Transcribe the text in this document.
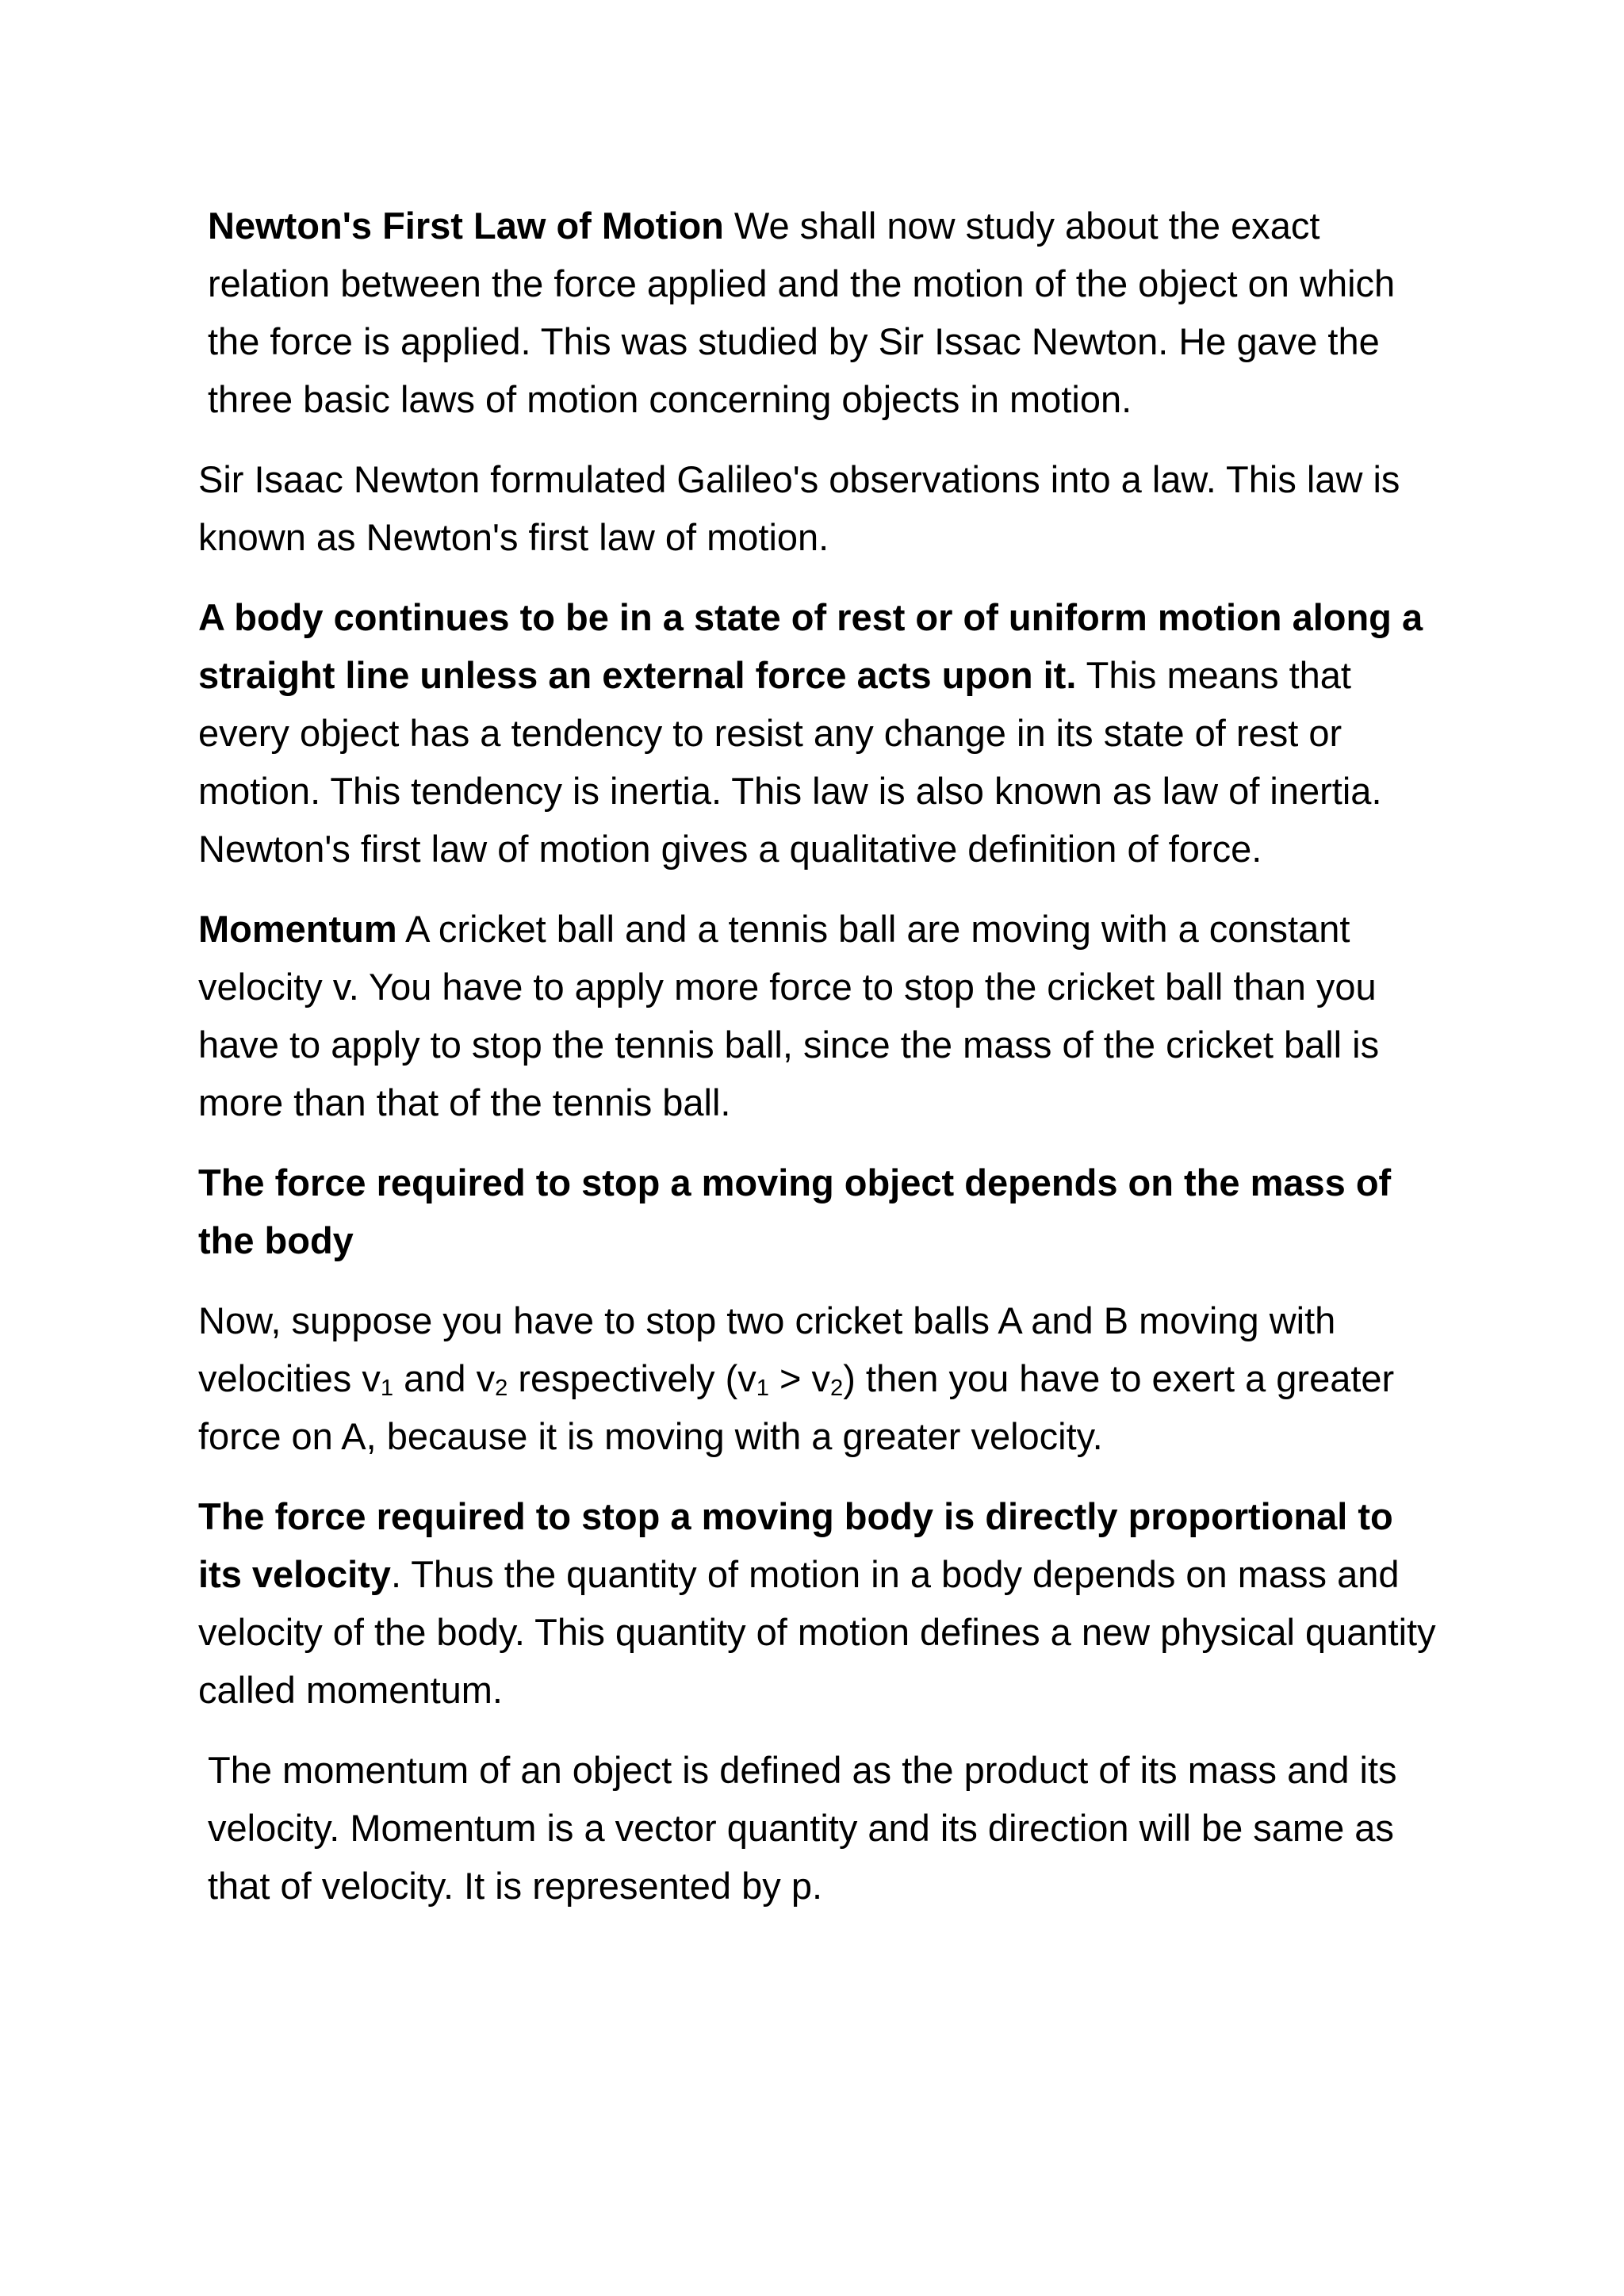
Newton's First Law of Motion We shall now study about the exact relation between the force applied and the motion of the object on which the force is applied. This was studied by Sir Issac Newton. He gave the three basic laws of motion concerning objects in motion.

Sir Isaac Newton formulated Galileo's observations into a law. This law is known as Newton's first law of motion.

A body continues to be in a state of rest or of uniform motion along a straight line unless an external force acts upon it. This means that every object has a tendency to resist any change in its state of rest or motion. This tendency is inertia. This law is also known as law of inertia. Newton's first law of motion gives a qualitative definition of force.

Momentum A cricket ball and a tennis ball are moving with a constant velocity v. You have to apply more force to stop the cricket ball than you have to apply to stop the tennis ball, since the mass of the cricket ball is more than that of the tennis ball.

The force required to stop a moving object depends on the mass of the body

Now, suppose you have to stop two cricket balls A and B moving with velocities $v_1$ and $v_2$ respectively $(v_1 > v_2)$ then you have to exert a greater force on A, because it is moving with a greater velocity.

The force required to stop a moving body is directly proportional to its velocity. Thus the quantity of motion in a body depends on mass and velocity of the body. This quantity of motion defines a new physical quantity called momentum.

The momentum of an object is defined as the product of its mass and its velocity. Momentum is a vector quantity and its direction will be same as that of velocity. It is represented by p.
